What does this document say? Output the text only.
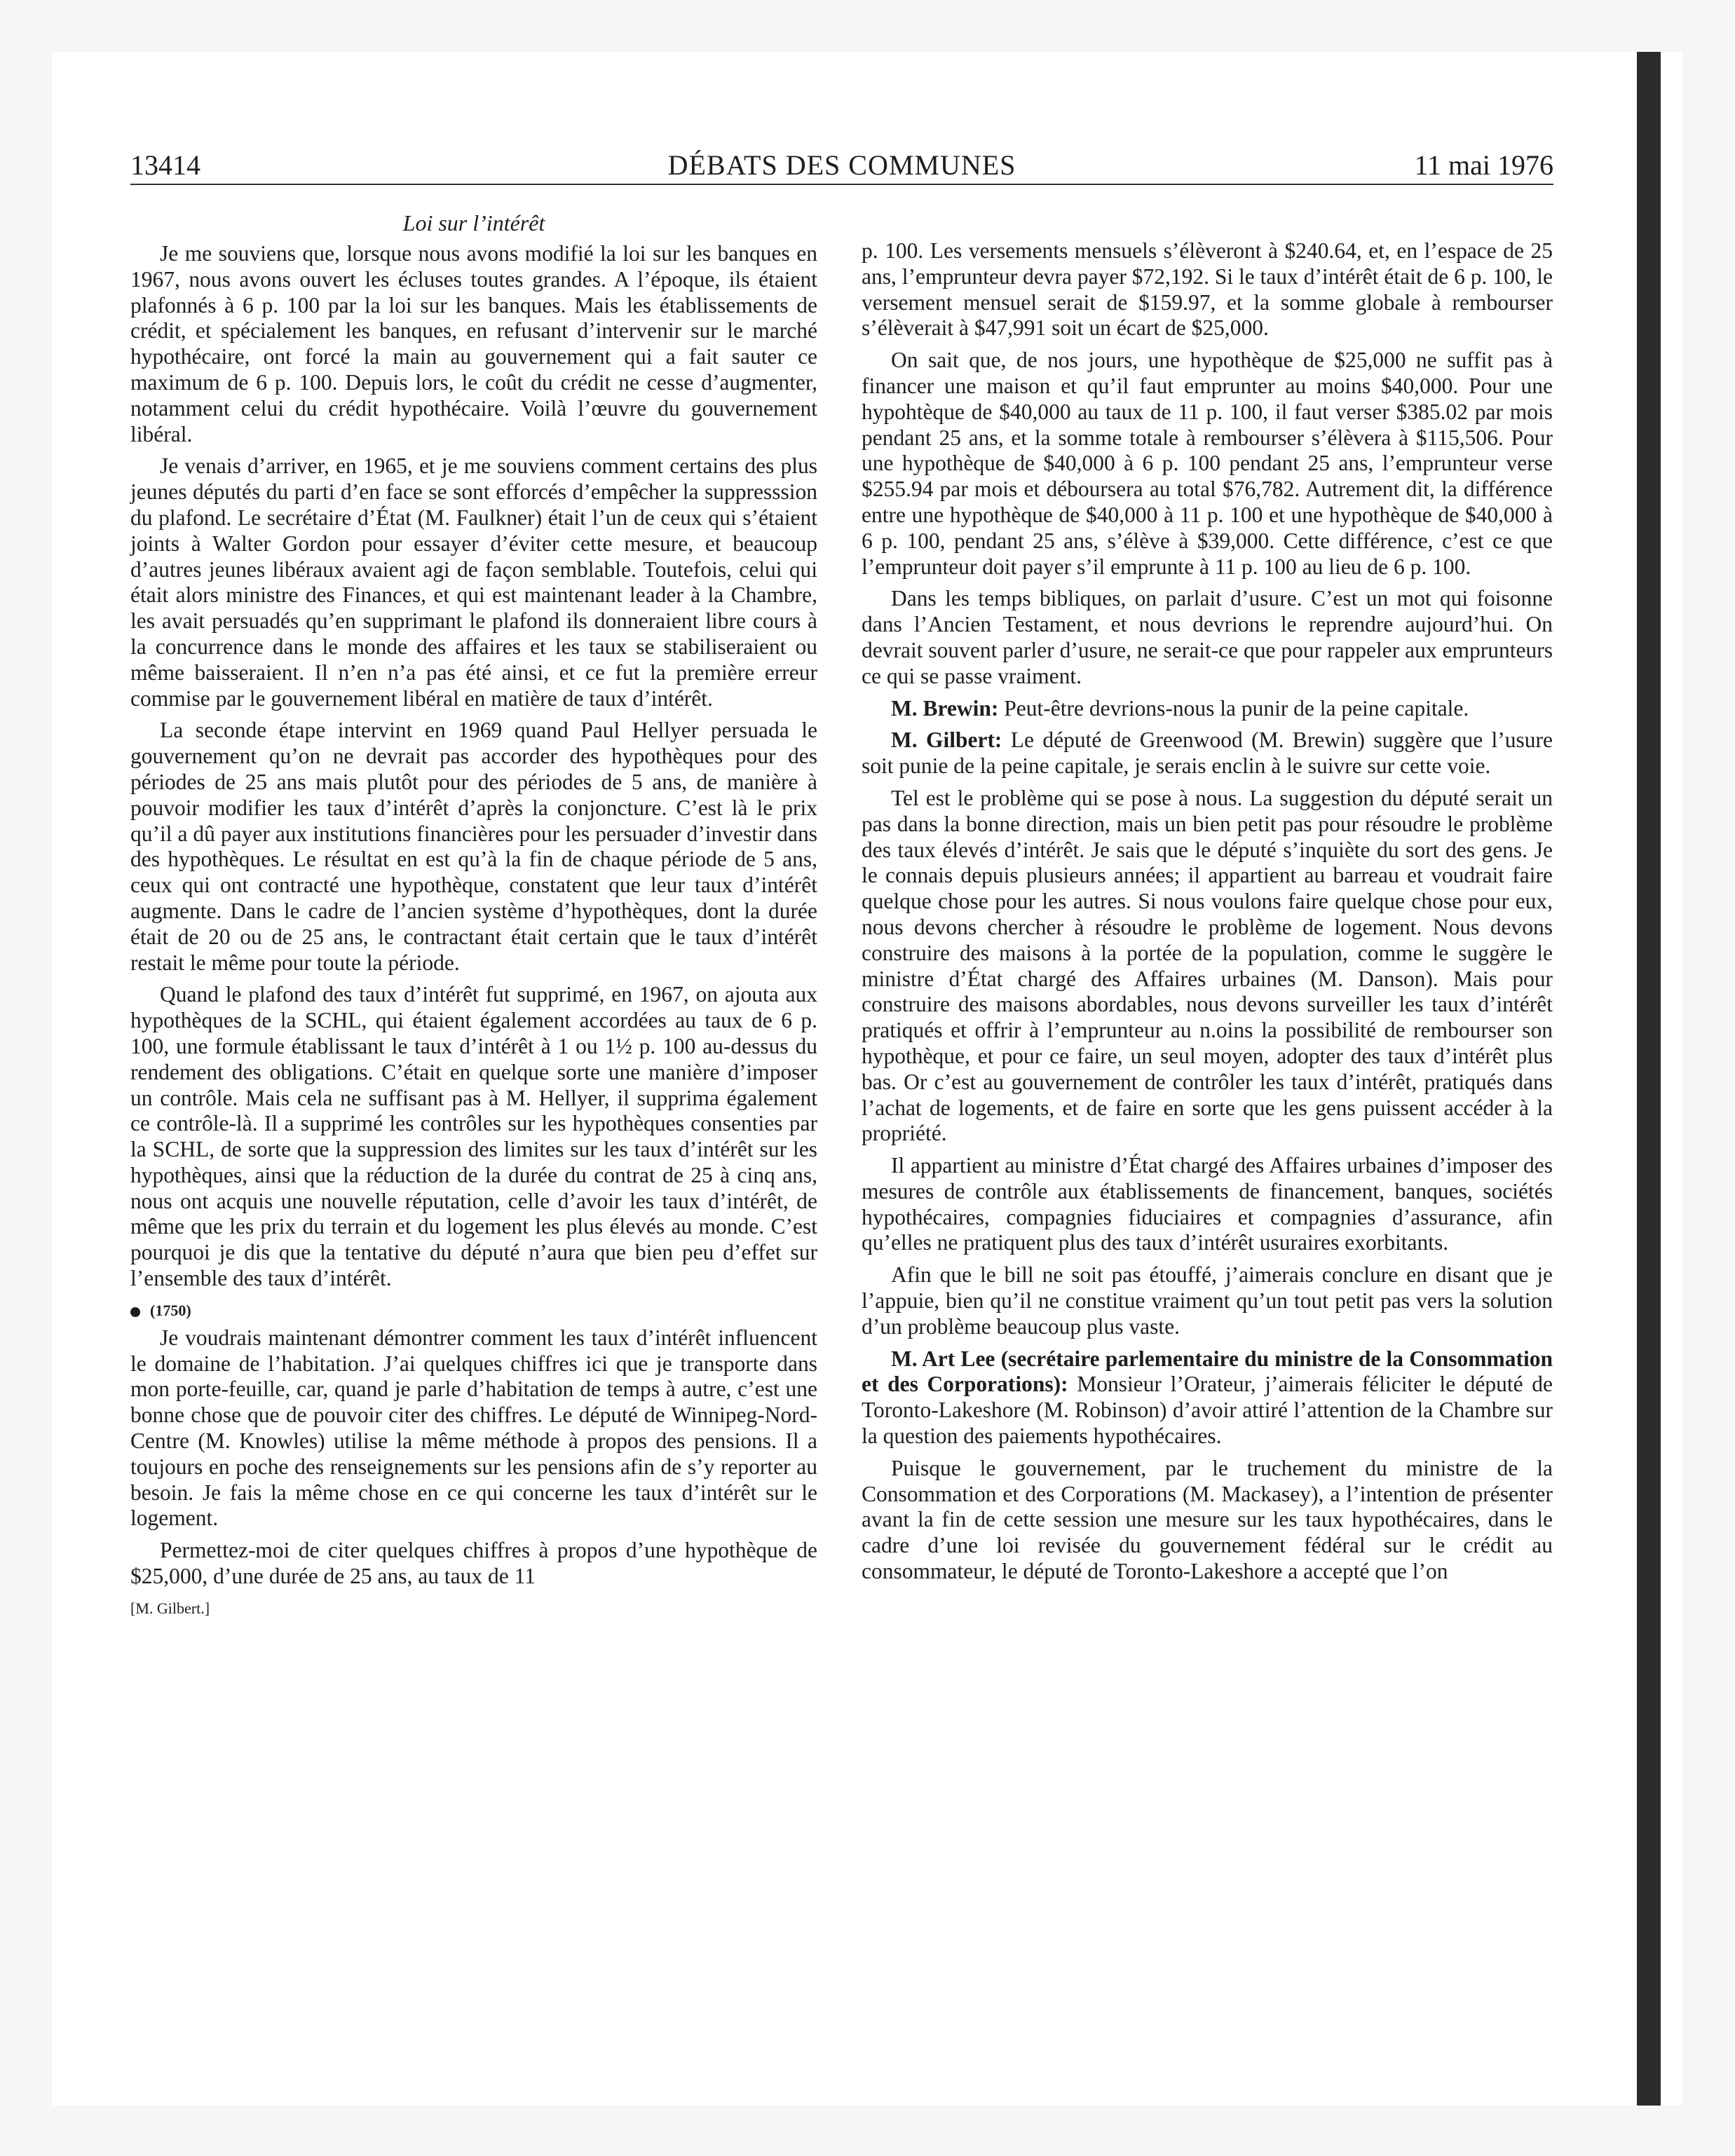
13414	DÉBATS DES COMMUNES	11 mai 1976
Loi sur l’intérêt

Je me souviens que, lorsque nous avons modifié la loi sur les banques en 1967, nous avons ouvert les écluses toutes grandes. A l’époque, ils étaient plafonnés à 6 p. 100 par la loi sur les banques. Mais les établissements de crédit, et spécialement les banques, en refusant d’intervenir sur le marché hypothécaire, ont forcé la main au gouvernement qui a fait sauter ce maximum de 6 p. 100. Depuis lors, le coût du crédit ne cesse d’augmenter, notamment celui du crédit hypothécaire. Voilà l’œuvre du gouvernement libéral.

Je venais d’arriver, en 1965, et je me souviens comment certains des plus jeunes députés du parti d’en face se sont efforcés d’empêcher la suppresssion du plafond. Le secrétaire d’État (M. Faulkner) était l’un de ceux qui s’étaient joints à Walter Gordon pour essayer d’éviter cette mesure, et beaucoup d’autres jeunes libéraux avaient agi de façon semblable. Toutefois, celui qui était alors ministre des Finances, et qui est maintenant leader à la Chambre, les avait persuadés qu’en supprimant le plafond ils donneraient libre cours à la concurrence dans le monde des affaires et les taux se stabiliseraient ou même baisseraient. Il n’en n’a pas été ainsi, et ce fut la première erreur commise par le gouvernement libéral en matière de taux d’intérêt.

La seconde étape intervint en 1969 quand Paul Hellyer persuada le gouvernement qu’on ne devrait pas accorder des hypothèques pour des périodes de 25 ans mais plutôt pour des périodes de 5 ans, de manière à pouvoir modifier les taux d’intérêt d’après la conjoncture. C’est là le prix qu’il a dû payer aux institutions financières pour les persuader d’investir dans des hypothèques. Le résultat en est qu’à la fin de chaque période de 5 ans, ceux qui ont contracté une hypothèque, constatent que leur taux d’intérêt augmente. Dans le cadre de l’ancien système d’hypothèques, dont la durée était de 20 ou de 25 ans, le contractant était certain que le taux d’intérêt restait le même pour toute la période.

Quand le plafond des taux d’intérêt fut supprimé, en 1967, on ajouta aux hypothèques de la SCHL, qui étaient également accordées au taux de 6 p. 100, une formule établissant le taux d’intérêt à 1 ou 1½ p. 100 au-dessus du rendement des obligations. C’était en quelque sorte une manière d’imposer un contrôle. Mais cela ne suffisant pas à M. Hellyer, il supprima également ce contrôle-là. Il a supprimé les contrôles sur les hypothèques consenties par la SCHL, de sorte que la suppression des limites sur les taux d’intérêt sur les hypothèques, ainsi que la réduction de la durée du contrat de 25 à cinq ans, nous ont acquis une nouvelle réputation, celle d’avoir les taux d’intérêt, de même que les prix du terrain et du logement les plus élevés au monde. C’est pourquoi je dis que la tentative du député n’aura que bien peu d’effet sur l’ensemble des taux d’intérêt.

(1750)

Je voudrais maintenant démontrer comment les taux d’intérêt influencent le domaine de l’habitation. J’ai quelques chiffres ici que je transporte dans mon porte-feuille, car, quand je parle d’habitation de temps à autre, c’est une bonne chose que de pouvoir citer des chiffres. Le député de Winnipeg-Nord-Centre (M. Knowles) utilise la même méthode à propos des pensions. Il a toujours en poche des renseignements sur les pensions afin de s’y reporter au besoin. Je fais la même chose en ce qui concerne les taux d’intérêt sur le logement.

Permettez-moi de citer quelques chiffres à propos d’une hypothèque de $25,000, d’une durée de 25 ans, au taux de 11

[M. Gilbert.]

p. 100. Les versements mensuels s’élèveront à $240.64, et, en l’espace de 25 ans, l’emprunteur devra payer $72,192. Si le taux d’intérêt était de 6 p. 100, le versement mensuel serait de $159.97, et la somme globale à rembourser s’élèverait à $47,991 soit un écart de $25,000.

On sait que, de nos jours, une hypothèque de $25,000 ne suffit pas à financer une maison et qu’il faut emprunter au moins $40,000. Pour une hypohtèque de $40,000 au taux de 11 p. 100, il faut verser $385.02 par mois pendant 25 ans, et la somme totale à rembourser s’élèvera à $115,506. Pour une hypothèque de $40,000 à 6 p. 100 pendant 25 ans, l’emprunteur verse $255.94 par mois et déboursera au total $76,782. Autrement dit, la différence entre une hypothèque de $40,000 à 11 p. 100 et une hypothèque de $40,000 à 6 p. 100, pendant 25 ans, s’élève à $39,000. Cette différence, c’est ce que l’emprunteur doit payer s’il emprunte à 11 p. 100 au lieu de 6 p. 100.

Dans les temps bibliques, on parlait d’usure. C’est un mot qui foisonne dans l’Ancien Testament, et nous devrions le reprendre aujourd’hui. On devrait souvent parler d’usure, ne serait-ce que pour rappeler aux emprunteurs ce qui se passe vraiment.

M. Brewin: Peut-être devrions-nous la punir de la peine capitale.

M. Gilbert: Le député de Greenwood (M. Brewin) suggère que l’usure soit punie de la peine capitale, je serais enclin à le suivre sur cette voie.

Tel est le problème qui se pose à nous. La suggestion du député serait un pas dans la bonne direction, mais un bien petit pas pour résoudre le problème des taux élevés d’intérêt. Je sais que le député s’inquiète du sort des gens. Je le connais depuis plusieurs années; il appartient au barreau et voudrait faire quelque chose pour les autres. Si nous voulons faire quelque chose pour eux, nous devons chercher à résoudre le problème de logement. Nous devons construire des maisons à la portée de la population, comme le suggère le ministre d’État chargé des Affaires urbaines (M. Danson). Mais pour construire des maisons abordables, nous devons surveiller les taux d’intérêt pratiqués et offrir à l’emprunteur au n.oins la possibilité de rembourser son hypothèque, et pour ce faire, un seul moyen, adopter des taux d’intérêt plus bas. Or c’est au gouvernement de contrôler les taux d’intérêt, pratiqués dans l’achat de logements, et de faire en sorte que les gens puissent accéder à la propriété.

Il appartient au ministre d’État chargé des Affaires urbaines d’imposer des mesures de contrôle aux établissements de financement, banques, sociétés hypothécaires, compagnies fiduciaires et compagnies d’assurance, afin qu’elles ne pratiquent plus des taux d’intérêt usuraires exorbitants.

Afin que le bill ne soit pas étouffé, j’aimerais conclure en disant que je l’appuie, bien qu’il ne constitue vraiment qu’un tout petit pas vers la solution d’un problème beaucoup plus vaste.

M. Art Lee (secrétaire parlementaire du ministre de la Consommation et des Corporations): Monsieur l’Orateur, j’aimerais féliciter le député de Toronto-Lakeshore (M. Robinson) d’avoir attiré l’attention de la Chambre sur la question des paiements hypothécaires.

Puisque le gouvernement, par le truchement du ministre de la Consommation et des Corporations (M. Mackasey), a l’intention de présenter avant la fin de cette session une mesure sur les taux hypothécaires, dans le cadre d’une loi revisée du gouvernement fédéral sur le crédit au consommateur, le député de Toronto-Lakeshore a accepté que l’on
